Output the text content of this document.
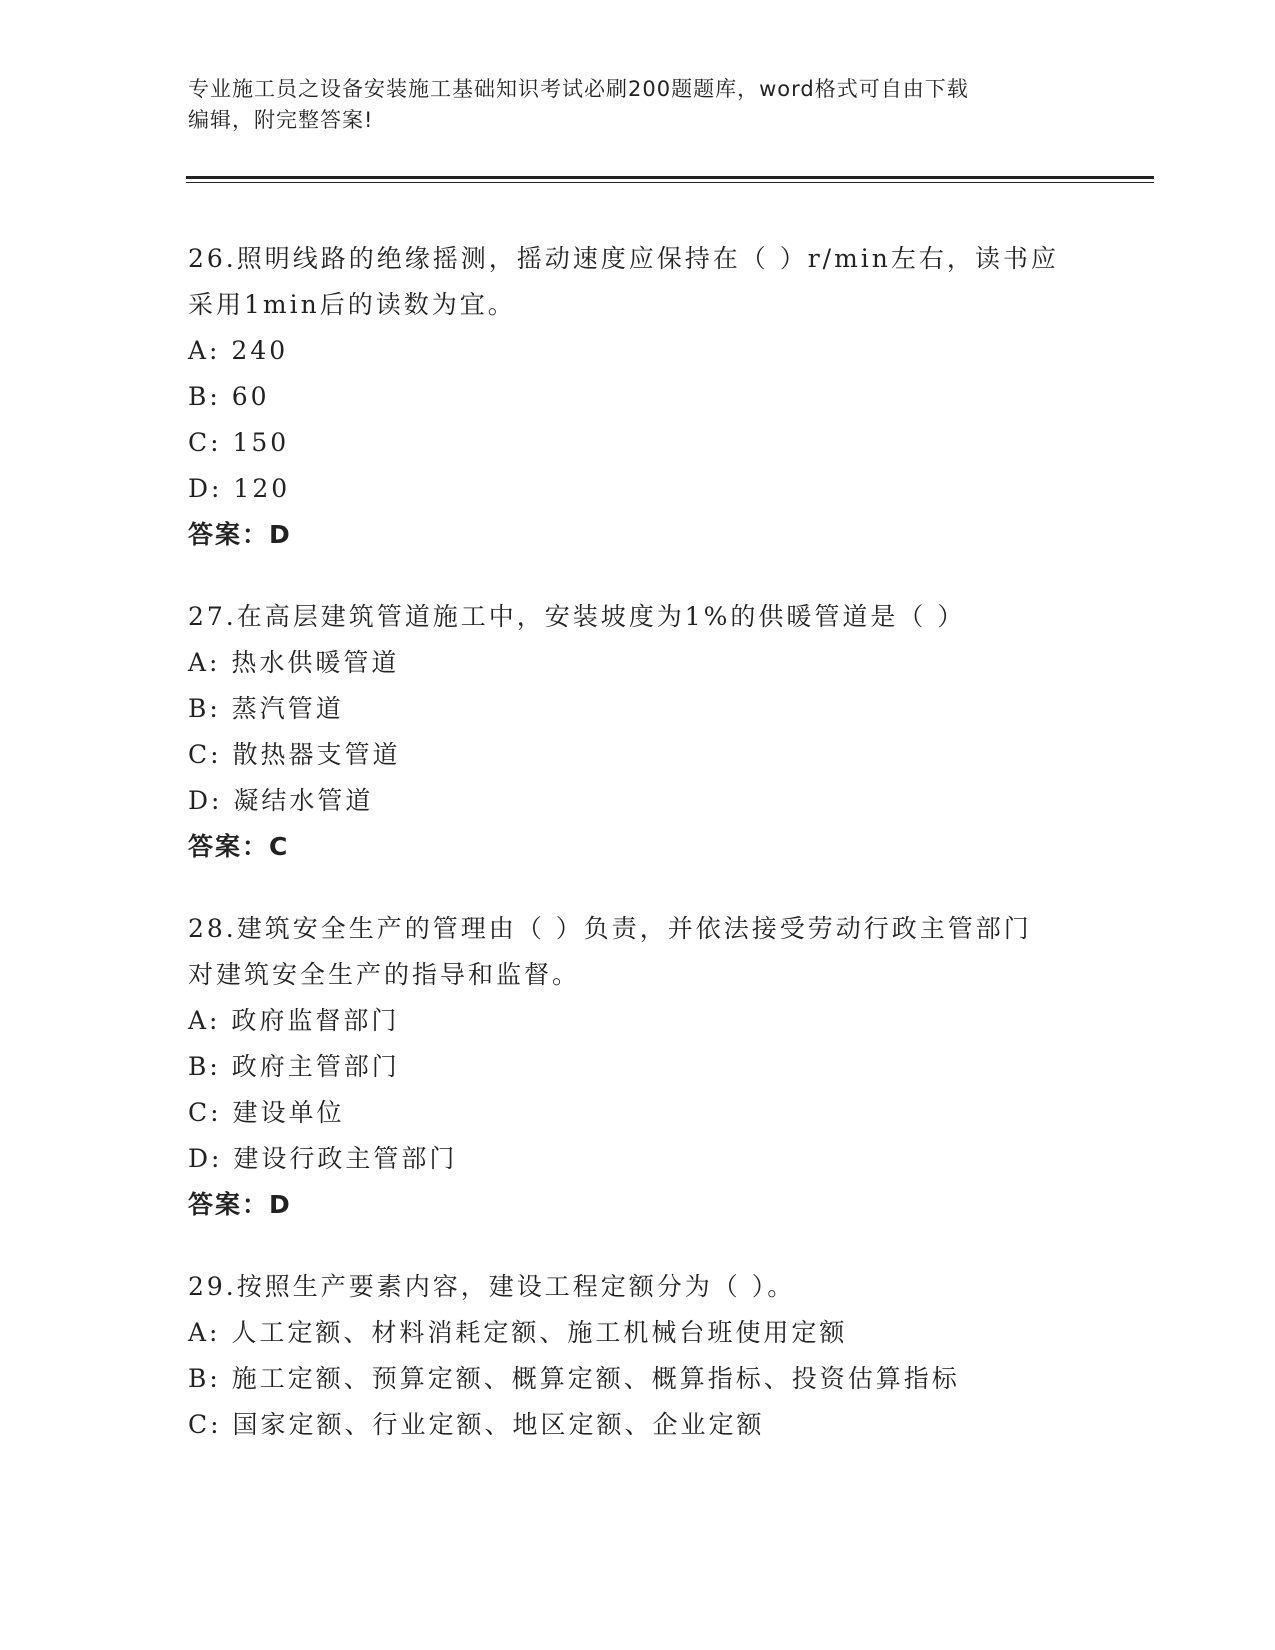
专业施工员之设备安装施工基础知识考试必刷200题题库，word格式可自由下载
编辑，附完整答案!
26.照明线路的绝缘摇测，摇动速度应保持在（ ）r/min左右，读书应
采用1min后的读数为宜。
A: 240
B: 60
C: 150
D: 120
答案：D
27.在高层建筑管道施工中，安装坡度为1%的供暖管道是（ ）
A: 热水供暖管道
B: 蒸汽管道
C: 散热器支管道
D: 凝结水管道
答案：C
28.建筑安全生产的管理由（ ）负责，并依法接受劳动行政主管部门
对建筑安全生产的指导和监督。
A: 政府监督部门
B: 政府主管部门
C: 建设单位
D: 建设行政主管部门
答案：D
29.按照生产要素内容，建设工程定额分为（ ）。
A: 人工定额、材料消耗定额、施工机械台班使用定额
B: 施工定额、预算定额、概算定额、概算指标、投资估算指标
C: 国家定额、行业定额、地区定额、企业定额
